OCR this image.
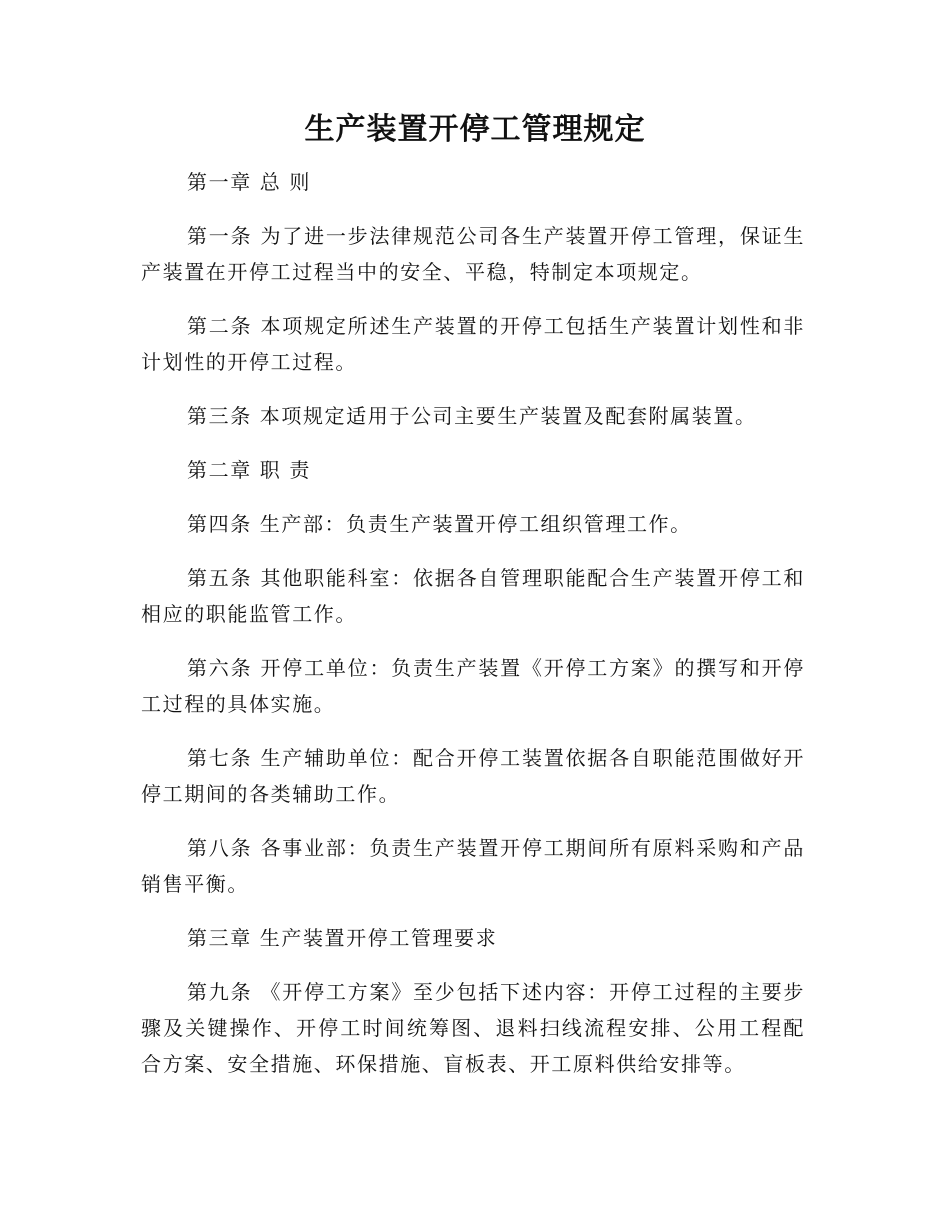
生产装置开停工管理规定

第一章 总 则

第一条 为了进一步法律规范公司各生产装置开停工管理，保证生产装置在开停工过程当中的安全、平稳，特制定本项规定。

第二条 本项规定所述生产装置的开停工包括生产装置计划性和非计划性的开停工过程。

第三条 本项规定适用于公司主要生产装置及配套附属装置。

第二章 职 责

第四条 生产部：负责生产装置开停工组织管理工作。

第五条 其他职能科室：依据各自管理职能配合生产装置开停工和相应的职能监管工作。

第六条 开停工单位：负责生产装置《开停工方案》的撰写和开停工过程的具体实施。

第七条 生产辅助单位：配合开停工装置依据各自职能范围做好开停工期间的各类辅助工作。

第八条 各事业部：负责生产装置开停工期间所有原料采购和产品销售平衡。

第三章 生产装置开停工管理要求

第九条 《开停工方案》至少包括下述内容：开停工过程的主要步骤及关键操作、开停工时间统筹图、退料扫线流程安排、公用工程配合方案、安全措施、环保措施、盲板表、开工原料供给安排等。
